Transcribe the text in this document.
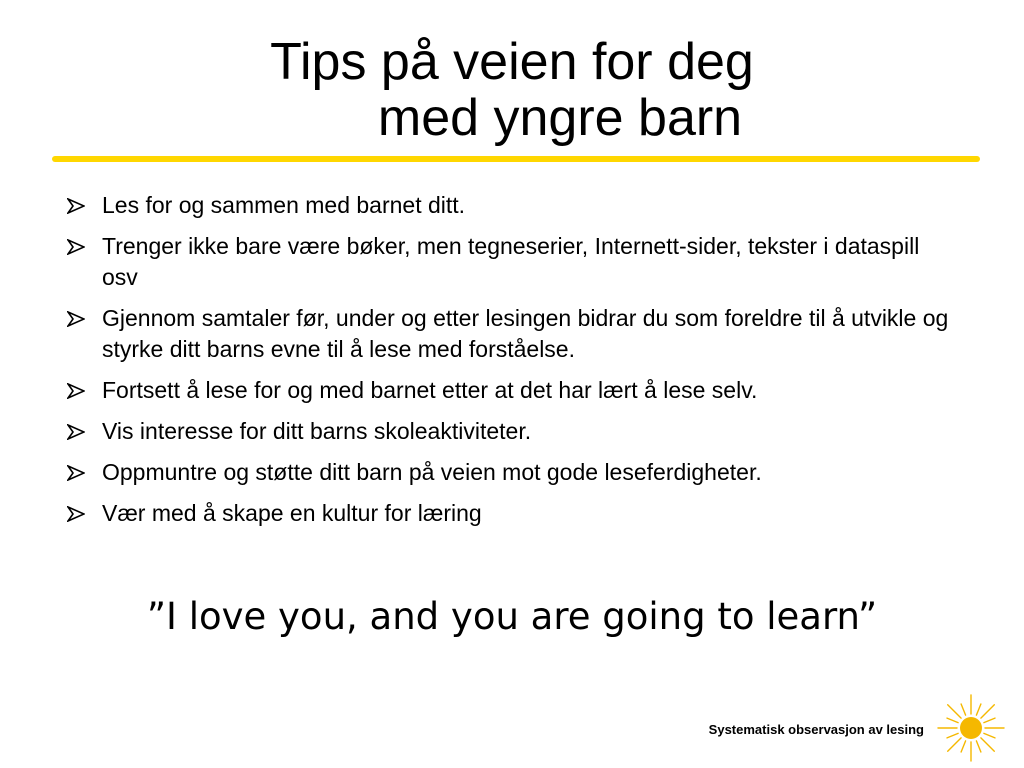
Tips på veien for deg
med yngre barn
Les for og sammen med barnet ditt.
Trenger ikke bare være bøker, men tegneserier, Internett-sider, tekster i dataspill osv
Gjennom samtaler før, under og etter lesingen bidrar du som foreldre til å utvikle og styrke ditt barns evne til å lese med forståelse.
Fortsett å lese for og med barnet etter at det har lært å lese selv.
Vis interesse for ditt barns skoleaktiviteter.
Oppmuntre og støtte ditt barn på veien mot gode leseferdigheter.
Vær med å skape en kultur for læring
”I love you, and you are going to learn”
Systematisk observasjon av lesing
